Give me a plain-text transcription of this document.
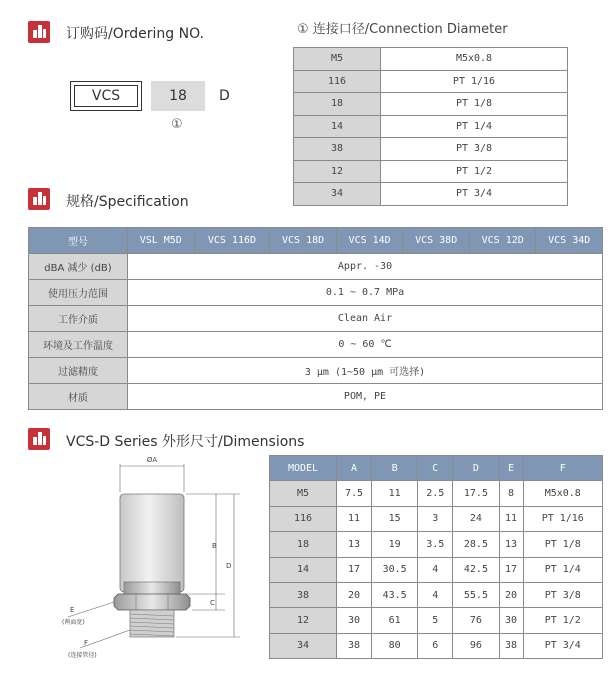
订购码/Ordering NO.
VCS	18 D
①
① 连接口径/Connection Diameter
M5	M5x0.8
116	PT 1/16
18	PT 1/8
14	PT 1/4
38	PT 3/8
12	PT 1/2
34	PT 3/4
规格/Specification
型号	VSL M5D	VCS 116D	VCS 18D	VCS 14D	VCS 38D	VCS 12D	VCS 34D
dBA 减少 (dB)	Appr. -30						
使用压力范围	0.1 ~ 0.7 MPa						
工作介质	Clean Air						
环境及工作温度	0 ~ 60 ℃						
过滤精度	3 μm (1~50 μm 可选择)						
材质	POM, PE						
VCS-D Series 外形尺寸/Dimensions
ØA
B
C
D
E
(两面宽)
F
(连接管径)
MODEL	A	B	C	D	E	F
M5	7.5	11	2.5	17.5	8	M5x0.8
116	11	15	3	24	11	PT 1/16
18	13	19	3.5	28.5	13	PT 1/8
14	17	30.5	4	42.5	17	PT 1/4
38	20	43.5	4	55.5	20	PT 3/8
12	30	61	5	76	30	PT 1/2
34	38	80	6	96	38	PT 3/4
